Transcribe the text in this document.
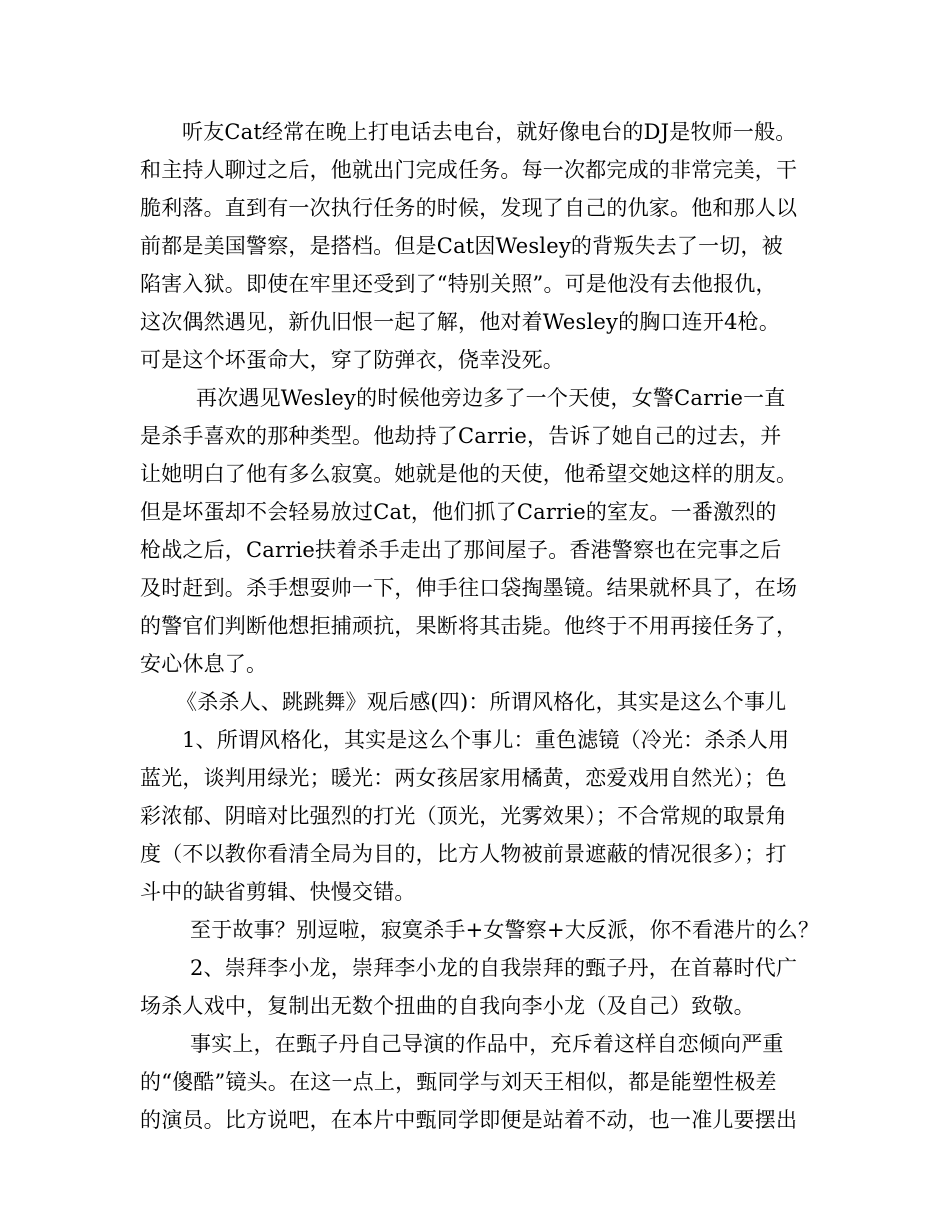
听友Cat经常在晚上打电话去电台，就好像电台的DJ是牧师一般。
和主持人聊过之后，他就出门完成任务。每一次都完成的非常完美，干
脆利落。直到有一次执行任务的时候，发现了自己的仇家。他和那人以
前都是美国警察，是搭档。但是Cat因Wesley的背叛失去了一切，被
陷害入狱。即使在牢里还受到了“特别关照”。可是他没有去他报仇，
这次偶然遇见，新仇旧恨一起了解，他对着Wesley的胸口连开4枪。
可是这个坏蛋命大，穿了防弹衣，侥幸没死。
再次遇见Wesley的时候他旁边多了一个天使，女警Carrie一直
是杀手喜欢的那种类型。他劫持了Carrie，告诉了她自己的过去，并
让她明白了他有多么寂寞。她就是他的天使，他希望交她这样的朋友。
但是坏蛋却不会轻易放过Cat，他们抓了Carrie的室友。一番激烈的
枪战之后，Carrie扶着杀手走出了那间屋子。香港警察也在完事之后
及时赶到。杀手想耍帅一下，伸手往口袋掏墨镜。结果就杯具了，在场
的警官们判断他想拒捕顽抗，果断将其击毙。他终于不用再接任务了，
安心休息了。
《杀杀人、跳跳舞》观后感(四)：所谓风格化，其实是这么个事儿
1、所谓风格化，其实是这么个事儿：重色滤镜（冷光：杀杀人用
蓝光，谈判用绿光；暖光：两女孩居家用橘黄，恋爱戏用自然光）；色
彩浓郁、阴暗对比强烈的打光（顶光，光雾效果）；不合常规的取景角
度（不以教你看清全局为目的，比方人物被前景遮蔽的情况很多）；打
斗中的缺省剪辑、快慢交错。
至于故事？别逗啦，寂寞杀手+女警察+大反派，你不看港片的么？
2、崇拜李小龙，崇拜李小龙的自我崇拜的甄子丹，在首幕时代广
场杀人戏中，复制出无数个扭曲的自我向李小龙（及自己）致敬。
事实上，在甄子丹自己导演的作品中，充斥着这样自恋倾向严重
的“傻酷”镜头。在这一点上，甄同学与刘天王相似，都是能塑性极差
的演员。比方说吧，在本片中甄同学即便是站着不动，也一准儿要摆出
